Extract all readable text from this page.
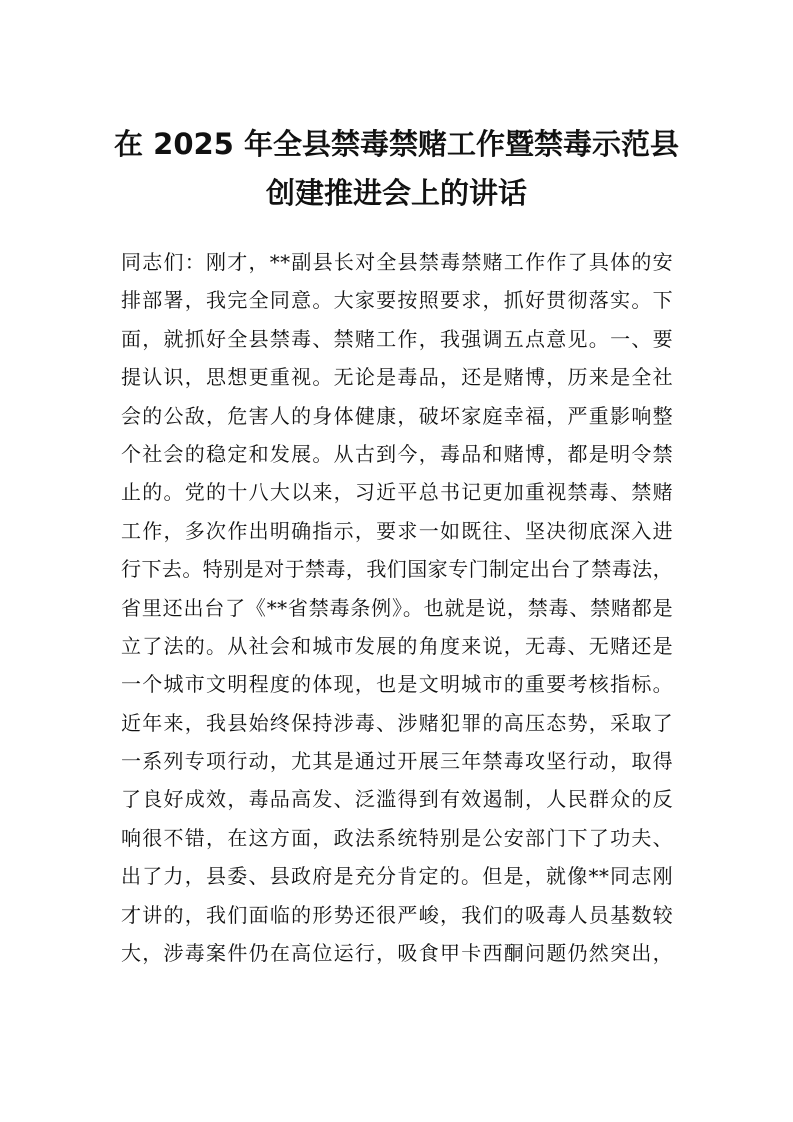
在 2025 年全县禁毒禁赌工作暨禁毒示范县
创建推进会上的讲话
同志们：刚才，**副县长对全县禁毒禁赌工作作了具体的安
排部署，我完全同意。大家要按照要求，抓好贯彻落实。下
面，就抓好全县禁毒、禁赌工作，我强调五点意见。一、要
提认识，思想更重视。无论是毒品，还是赌博，历来是全社
会的公敌，危害人的身体健康，破坏家庭幸福，严重影响整
个社会的稳定和发展。从古到今，毒品和赌博，都是明令禁
止的。党的十八大以来，习近平总书记更加重视禁毒、禁赌
工作，多次作出明确指示，要求一如既往、坚决彻底深入进
行下去。特别是对于禁毒，我们国家专门制定出台了禁毒法，
省里还出台了《**省禁毒条例》。也就是说，禁毒、禁赌都是
立了法的。从社会和城市发展的角度来说，无毒、无赌还是
一个城市文明程度的体现，也是文明城市的重要考核指标。
近年来，我县始终保持涉毒、涉赌犯罪的高压态势，采取了
一系列专项行动，尤其是通过开展三年禁毒攻坚行动，取得
了良好成效，毒品高发、泛滥得到有效遏制，人民群众的反
响很不错，在这方面，政法系统特别是公安部门下了功夫、
出了力，县委、县政府是充分肯定的。但是，就像**同志刚
才讲的，我们面临的形势还很严峻，我们的吸毒人员基数较
大，涉毒案件仍在高位运行，吸食甲卡西酮问题仍然突出，
